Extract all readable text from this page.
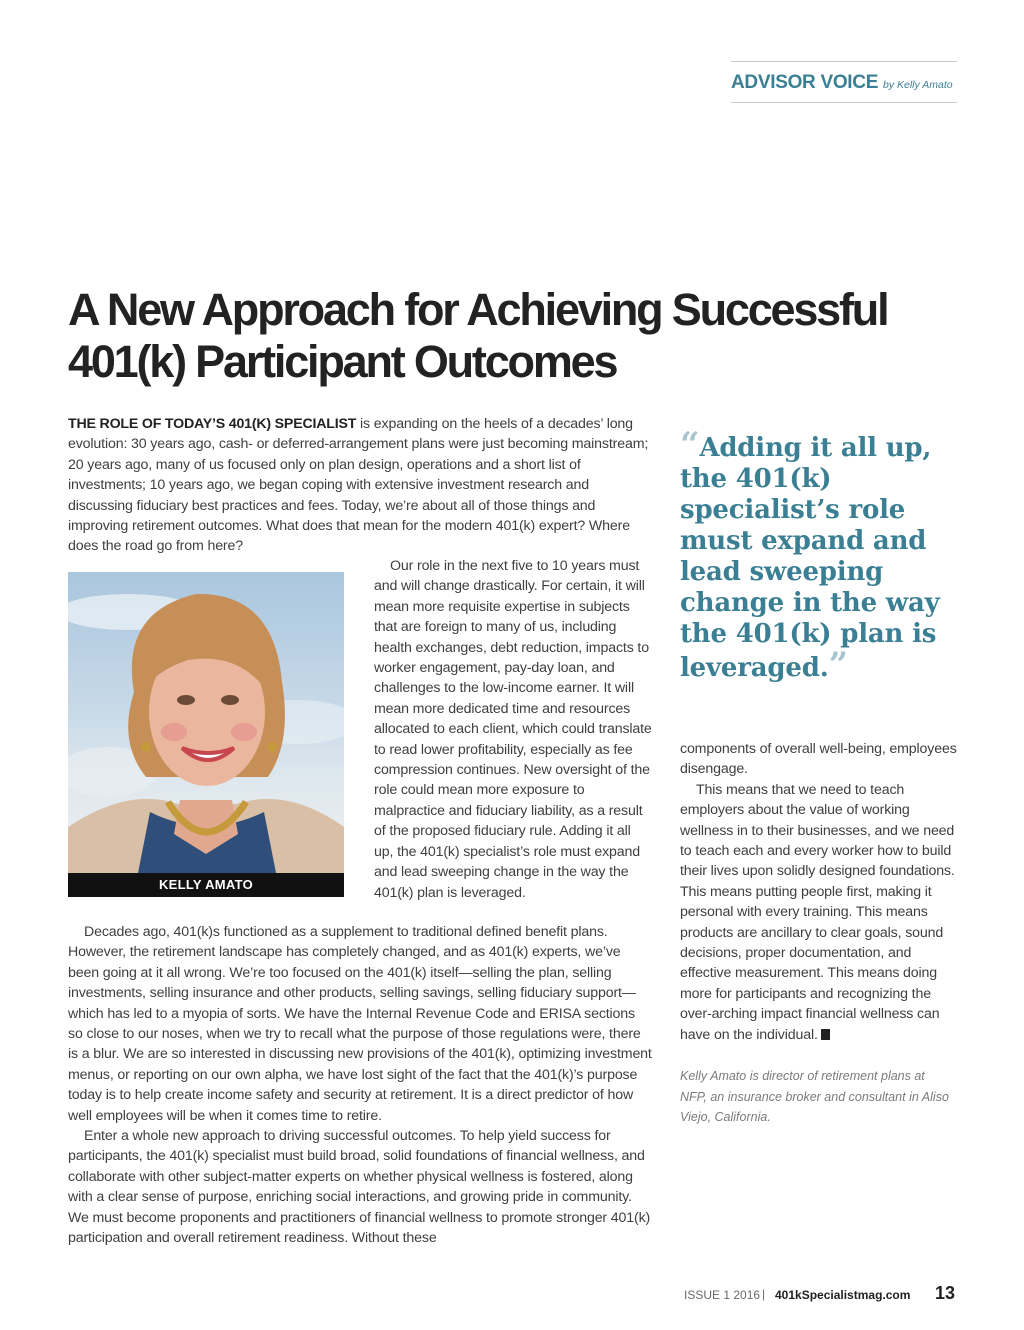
ADVISOR VOICE by Kelly Amato
A New Approach for Achieving Successful 401(k) Participant Outcomes

THE ROLE OF TODAY’S 401(K) SPECIALIST is expanding on the heels of a decades’ long evolution: 30 years ago, cash- or deferred-arrangement plans were just becoming mainstream; 20 years ago, many of us focused only on plan design, operations and a short list of investments; 10 years ago, we began coping with extensive investment research and discussing fiduciary best practices and fees. Today, we’re about all of those things and improving retirement outcomes. What does that mean for the modern 401(k) expert? Where does the road go from here?

KELLY AMATO

Our role in the next five to 10 years must and will change drastically. For certain, it will mean more requisite expertise in subjects that are foreign to many of us, including health exchanges, debt reduction, impacts to worker engagement, pay-day loan, and challenges to the low-income earner. It will mean more dedicated time and resources allocated to each client, which could translate to read lower profitability, especially as fee compression continues. New oversight of the role could mean more exposure to malpractice and fiduciary liability, as a result of the proposed fiduciary rule. Adding it all up, the 401(k) specialist’s role must expand and lead sweeping change in the way the 401(k) plan is leveraged.

Decades ago, 401(k)s functioned as a supplement to traditional defined benefit plans. However, the retirement landscape has completely changed, and as 401(k) experts, we’ve been going at it all wrong. We’re too focused on the 401(k) itself—selling the plan, selling investments, selling insurance and other products, selling savings, selling fiduciary support—which has led to a myopia of sorts. We have the Internal Revenue Code and ERISA sections so close to our noses, when we try to recall what the purpose of those regulations were, there is a blur. We are so interested in discussing new provisions of the 401(k), optimizing investment menus, or reporting on our own alpha, we have lost sight of the fact that the 401(k)’s purpose today is to help create income safety and security at retirement. It is a direct predictor of how well employees will be when it comes time to retire.

Enter a whole new approach to driving successful outcomes. To help yield success for participants, the 401(k) specialist must build broad, solid foundations of financial wellness, and collaborate with other subject-matter experts on whether physical wellness is fostered, along with a clear sense of purpose, enriching social interactions, and growing pride in community. We must become proponents and practitioners of financial wellness to promote stronger 401(k) participation and overall retirement readiness. Without these

“Adding it all up, the 401(k) specialist’s role must expand and lead sweeping change in the way the 401(k) plan is leveraged.”

components of overall well-being, employees disengage.

This means that we need to teach employers about the value of working wellness in to their businesses, and we need to teach each and every worker how to build their lives upon solidly designed foundations. This means putting people first, making it personal with every training. This means products are ancillary to clear goals, sound decisions, proper documentation, and effective measurement. This means doing more for participants and recognizing the over-arching impact financial wellness can have on the individual. K

Kelly Amato is director of retirement plans at NFP, an insurance broker and consultant in Aliso Viejo, California.

ISSUE 1 2016 | 401kSpecialistmag.com 13
